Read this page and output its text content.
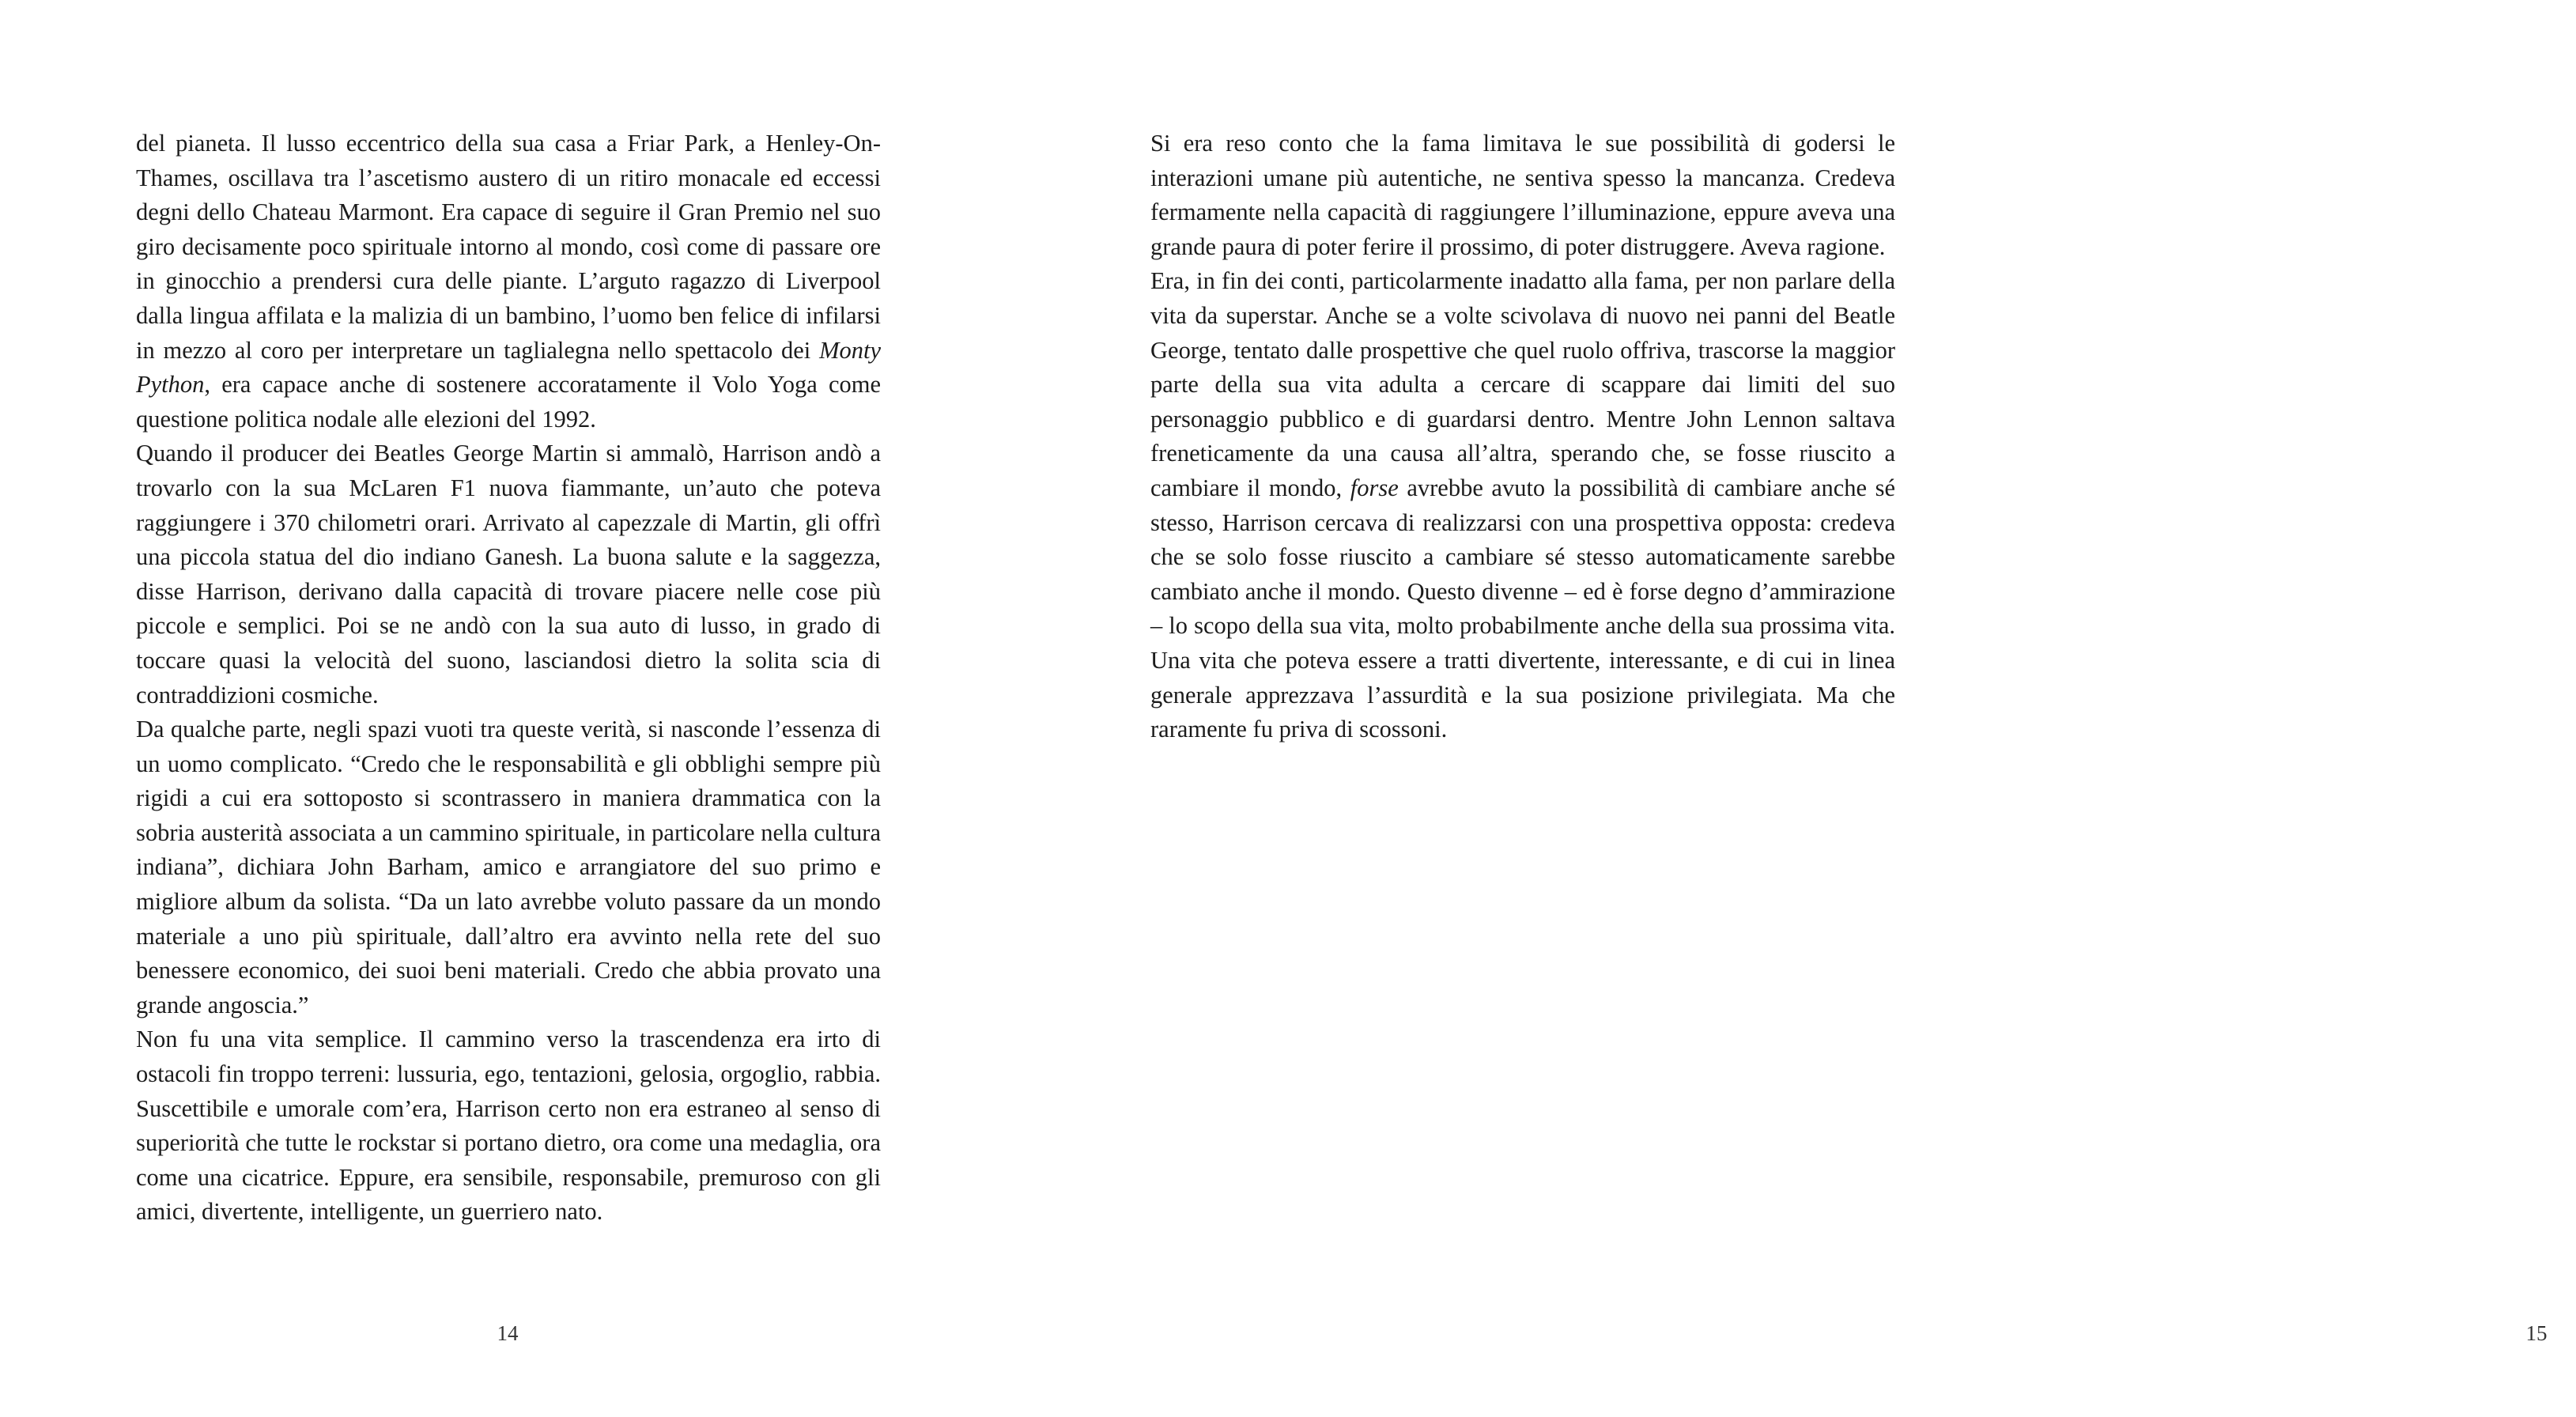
del pianeta. Il lusso eccentrico della sua casa a Friar Park, a Henley-On-Thames, oscillava tra l’ascetismo austero di un ritiro monacale ed eccessi degni dello Chateau Marmont. Era capace di seguire il Gran Premio nel suo giro decisamente poco spirituale intorno al mondo, così come di passare ore in ginocchio a prendersi cura delle piante. L’arguto ragazzo di Liverpool dalla lingua affilata e la malizia di un bambino, l’uomo ben felice di infilarsi in mezzo al coro per interpretare un taglialegna nello spettacolo dei Monty Python, era capace anche di sostenere accoratamente il Volo Yoga come questione politica nodale alle elezioni del 1992.

Quando il producer dei Beatles George Martin si ammalò, Harrison andò a trovarlo con la sua McLaren F1 nuova fiammante, un’auto che poteva raggiungere i 370 chilometri orari. Arrivato al capezzale di Martin, gli offrì una piccola statua del dio indiano Ganesh. La buona salute e la saggezza, disse Harrison, derivano dalla capacità di trovare piacere nelle cose più piccole e semplici. Poi se ne andò con la sua auto di lusso, in grado di toccare quasi la velocità del suono, lasciandosi dietro la solita scia di contraddizioni cosmiche.

Da qualche parte, negli spazi vuoti tra queste verità, si nasconde l’essenza di un uomo complicato. “Credo che le responsabilità e gli obblighi sempre più rigidi a cui era sottoposto si scontrassero in maniera drammatica con la sobria austerità associata a un cammino spirituale, in particolare nella cultura indiana”, dichiara John Barham, amico e arrangiatore del suo primo e migliore album da solista. “Da un lato avrebbe voluto passare da un mondo materiale a uno più spirituale, dall’altro era avvinto nella rete del suo benessere economico, dei suoi beni materiali. Credo che abbia provato una grande angoscia.”

Non fu una vita semplice. Il cammino verso la trascendenza era irto di ostacoli fin troppo terreni: lussuria, ego, tentazioni, gelosia, orgoglio, rabbia. Suscettibile e umorale com’era, Harrison certo non era estraneo al senso di superiorità che tutte le rockstar si portano dietro, ora come una medaglia, ora come una cicatrice. Eppure, era sensibile, responsabile, premuroso con gli amici, divertente, intelligente, un guerriero nato.

14

Si era reso conto che la fama limitava le sue possibilità di godersi le interazioni umane più autentiche, ne sentiva spesso la mancanza. Credeva fermamente nella capacità di raggiungere l’illuminazione, eppure aveva una grande paura di poter ferire il prossimo, di poter distruggere. Aveva ragione.

Era, in fin dei conti, particolarmente inadatto alla fama, per non parlare della vita da superstar. Anche se a volte scivolava di nuovo nei panni del Beatle George, tentato dalle prospettive che quel ruolo offriva, trascorse la maggior parte della sua vita adulta a cercare di scappare dai limiti del suo personaggio pubblico e di guardarsi dentro. Mentre John Lennon saltava freneticamente da una causa all’altra, sperando che, se fosse riuscito a cambiare il mondo, forse avrebbe avuto la possibilità di cambiare anche sé stesso, Harrison cercava di realizzarsi con una prospettiva opposta: credeva che se solo fosse riuscito a cambiare sé stesso automaticamente sarebbe cambiato anche il mondo. Questo divenne – ed è forse degno d’ammirazione – lo scopo della sua vita, molto probabilmente anche della sua prossima vita. Una vita che poteva essere a tratti divertente, interessante, e di cui in linea generale apprezzava l’assurdità e la sua posizione privilegiata. Ma che raramente fu priva di scossoni.

15
